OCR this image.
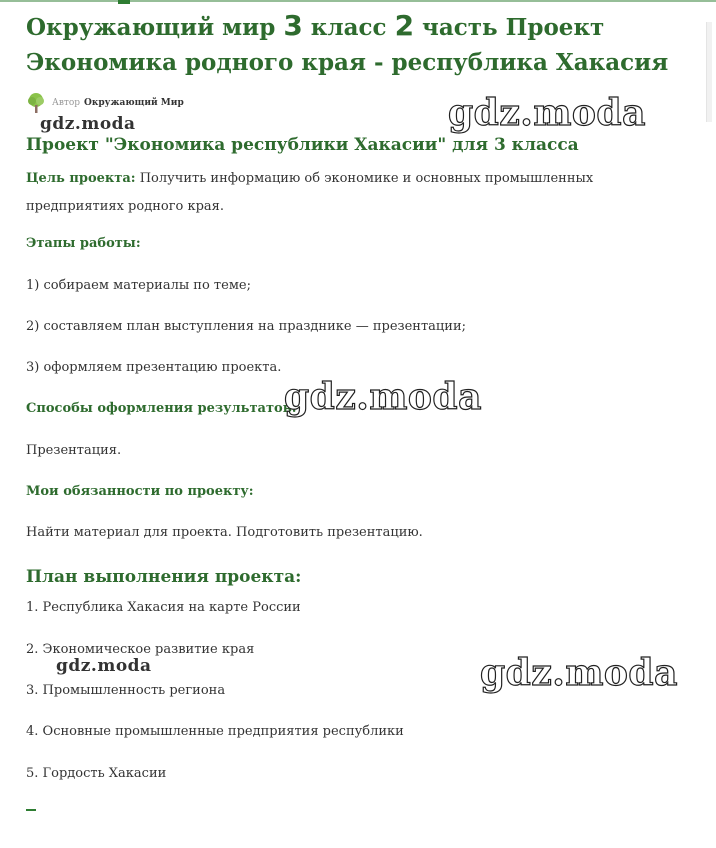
Окружающий мир 3 класс 2 часть Проект
Экономика родного края - республика Хакасия
Автор Окружающий Мир
Проект "Экономика республики Хакасии" для 3 класса

Цель проекта: Получить информацию об экономике и основных промышленных предприятиях родного края.

Этапы работы:

1) собираем материалы по теме;

2) составляем план выступления на празднике — презентации;

3) оформляем презентацию проекта.

Способы оформления результатов:

Презентация.

Мои обязанности по проекту:

Найти материал для проекта. Подготовить презентацию.

План выполнения проекта:

1. Республика Хакасия на карте России

2. Экономическое развитие края

3. Промышленность региона

4. Основные промышленные предприятия республики

5. Гордость Хакасии

gdz.moda	gdz.moda
gdz.moda
gdz.moda	gdz.moda
